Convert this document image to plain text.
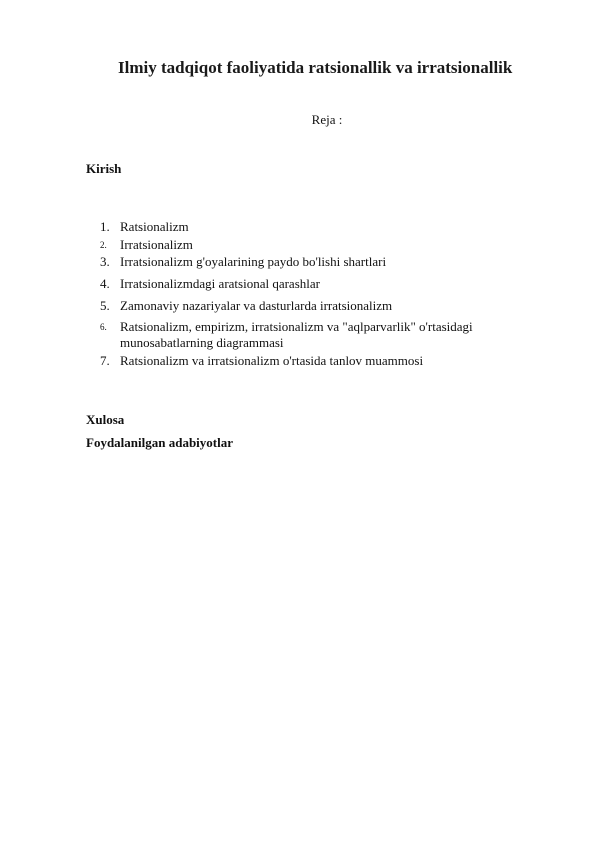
Ilmiy tadqiqot faoliyatida ratsionallik va irratsionallik
Reja :
Kirish
1. Ratsionalizm
2.	Irratsionalizm
3. Irratsionalizm g'oyalarining paydo bo'lishi shartlari
4. Irratsionalizmdagi aratsional qarashlar
5. Zamonaviy nazariyalar va dasturlarda irratsionalizm
6.	Ratsionalizm, empirizm, irratsionalizm va "aqlparvarlik" o'rtasidagi munosabatlarning diagrammasi
7. Ratsionalizm va irratsionalizm o'rtasida tanlov muammosi
Xulosa
Foydalanilgan adabiyotlar
